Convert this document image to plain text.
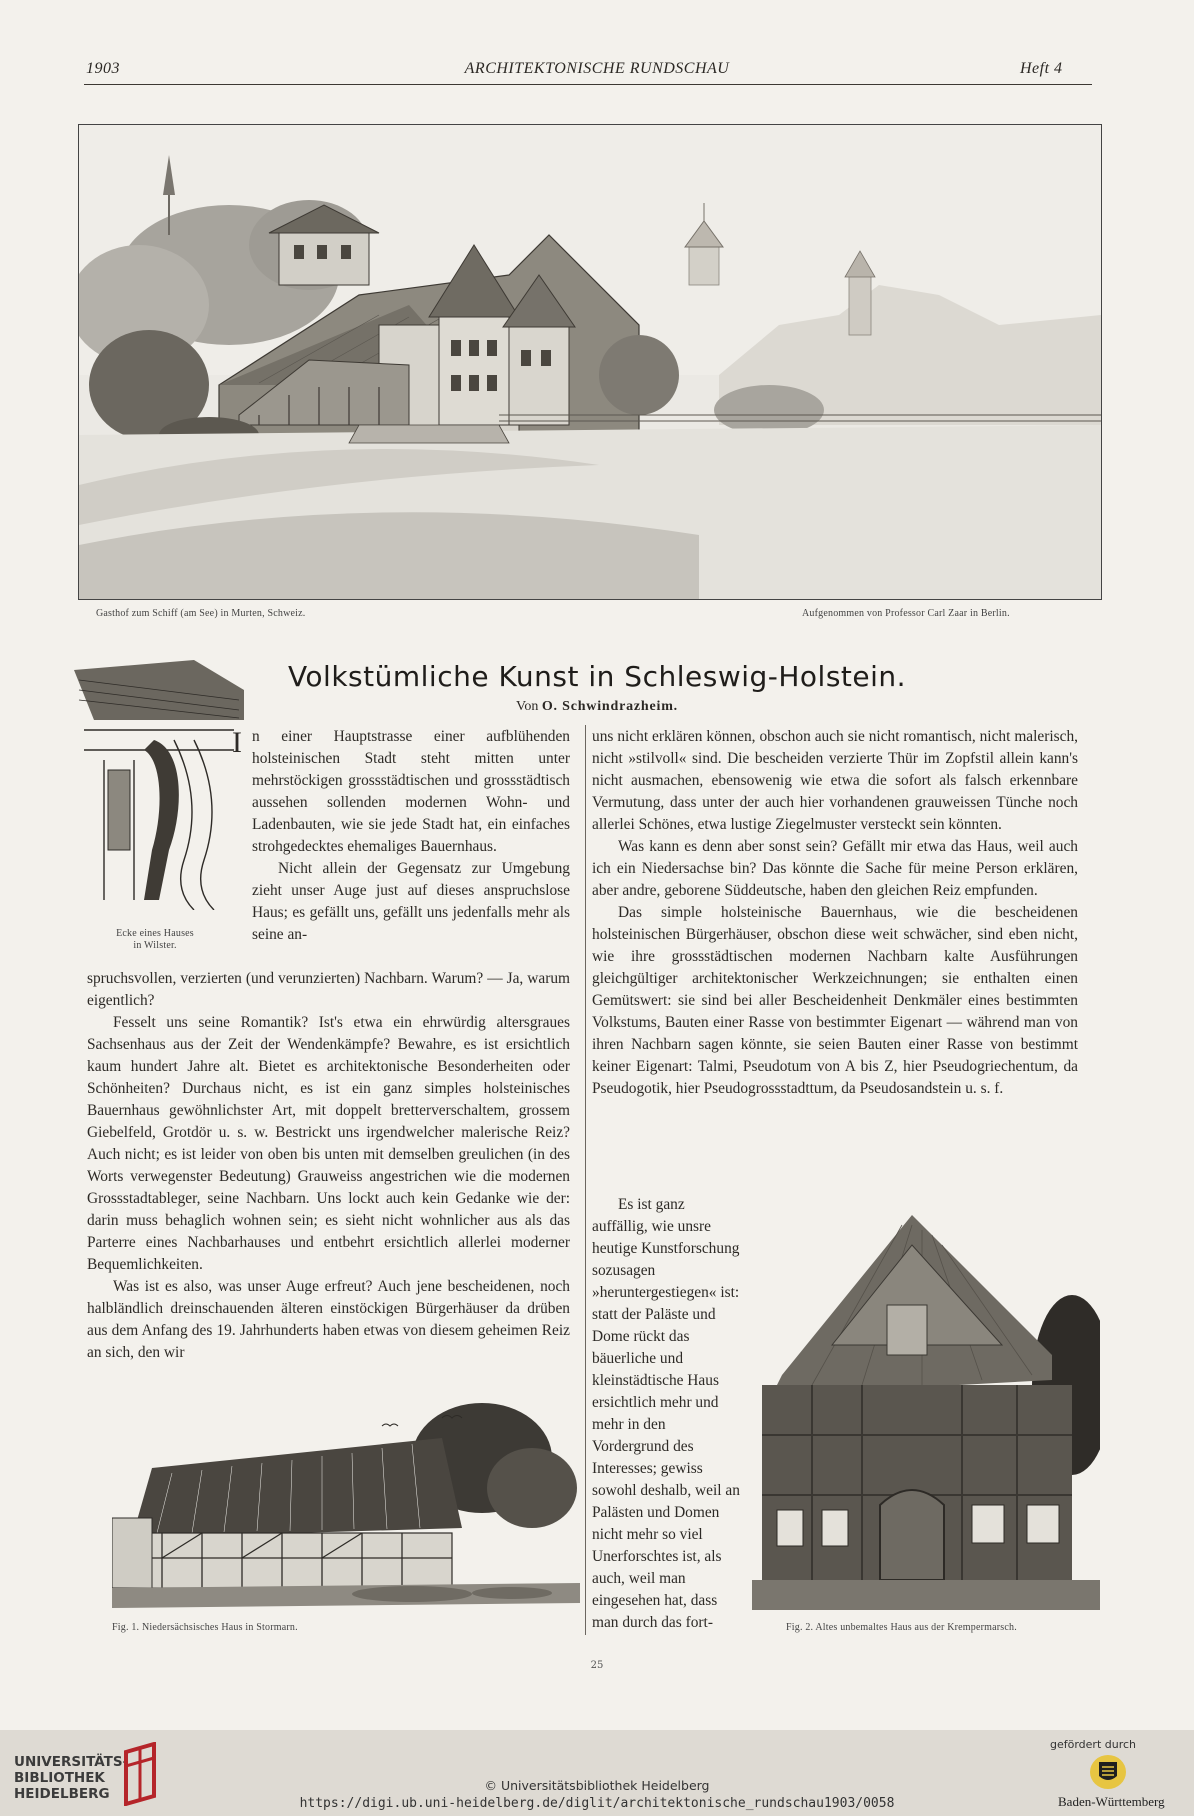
1903	ARCHITEKTONISCHE RUNDSCHAU	Heft 4
Gasthof zum Schiff (am See) in Murten, Schweiz.	Aufgenommen von Professor Carl Zaar in Berlin.
Volkstümliche Kunst in Schleswig-Holstein.
Von O. Schwindrazheim.
Ecke eines Hauses
in Wilster.
I n einer Hauptstrasse einer aufblühenden holsteinischen Stadt steht mitten unter mehrstöckigen grossstädtischen und grossstädtisch aussehen sollenden modernen Wohn- und Ladenbauten, wie sie jede Stadt hat, ein einfaches strohgedecktes ehemaliges Bauernhaus.

Nicht allein der Gegensatz zur Umgebung zieht unser Auge just auf dieses anspruchslose Haus; es gefällt uns, gefällt uns jedenfalls mehr als seine an-

spruchsvollen, verzierten (und verunzierten) Nachbarn. Warum? — Ja, warum eigentlich?

Fesselt uns seine Romantik? Ist's etwa ein ehrwürdig altersgraues Sachsenhaus aus der Zeit der Wendenkämpfe? Bewahre, es ist ersichtlich kaum hundert Jahre alt. Bietet es architektonische Besonderheiten oder Schönheiten? Durchaus nicht, es ist ein ganz simples holsteinisches Bauernhaus gewöhnlichster Art, mit doppelt bretterverschaltem, grossem Giebelfeld, Grotdör u. s. w. Bestrickt uns irgendwelcher malerische Reiz? Auch nicht; es ist leider von oben bis unten mit demselben greulichen (in des Worts verwegenster Bedeutung) Grauweiss angestrichen wie die modernen Grossstadtableger, seine Nachbarn. Uns lockt auch kein Gedanke wie der: darin muss behaglich wohnen sein; es sieht nicht wohnlicher aus als das Parterre eines Nachbarhauses und entbehrt ersichtlich allerlei moderner Bequemlichkeiten.

Was ist es also, was unser Auge erfreut? Auch jene bescheidenen, noch halbländlich dreinschauenden älteren einstöckigen Bürgerhäuser da drüben aus dem Anfang des 19. Jahrhunderts haben etwas von diesem geheimen Reiz an sich, den wir

uns nicht erklären können, obschon auch sie nicht romantisch, nicht malerisch, nicht »stilvoll« sind. Die bescheiden verzierte Thür im Zopfstil allein kann's nicht ausmachen, ebensowenig wie etwa die sofort als falsch erkennbare Vermutung, dass unter der auch hier vorhandenen grauweissen Tünche noch allerlei Schönes, etwa lustige Ziegelmuster versteckt sein könnten.

Was kann es denn aber sonst sein? Gefällt mir etwa das Haus, weil auch ich ein Niedersachse bin? Das könnte die Sache für meine Person erklären, aber andre, geborene Süddeutsche, haben den gleichen Reiz empfunden.

Das simple holsteinische Bauernhaus, wie die bescheidenen holsteinischen Bürgerhäuser, obschon diese weit schwächer, sind eben nicht, wie ihre grossstädtischen modernen Nachbarn kalte Ausführungen gleichgültiger architektonischer Werkzeichnungen; sie enthalten einen Gemütswert: sie sind bei aller Bescheidenheit Denkmäler eines bestimmten Volkstums, Bauten einer Rasse von bestimmter Eigenart — während man von ihren Nachbarn sagen könnte, sie seien Bauten einer Rasse von bestimmt keiner Eigenart: Talmi, Pseudotum von A bis Z, hier Pseudogriechentum, da Pseudogotik, hier Pseudogrossstadttum, da Pseudosandstein u. s. f.

Es ist ganz auffällig, wie unsre heutige Kunstforschung sozusagen »heruntergestiegen« ist: statt der Paläste und Dome rückt das bäuerliche und kleinstädtische Haus ersichtlich mehr und mehr in den Vordergrund des Interesses; gewiss sowohl deshalb, weil an Palästen und Domen nicht mehr so viel Unerforschtes ist, als auch, weil man eingesehen hat, dass man durch das fort-

Fig. 1. Niedersächsisches Haus in Stormarn.	Fig. 2. Altes unbemaltes Haus aus der Krempermarsch.
25
UNIVERSITÄTS-
BIBLIOTHEK
HEIDELBERG
© Universitätsbibliothek Heidelberg
https://digi.ub.uni-heidelberg.de/diglit/architektonische_rundschau1903/0058
gefördert durch
Baden-Württemberg
